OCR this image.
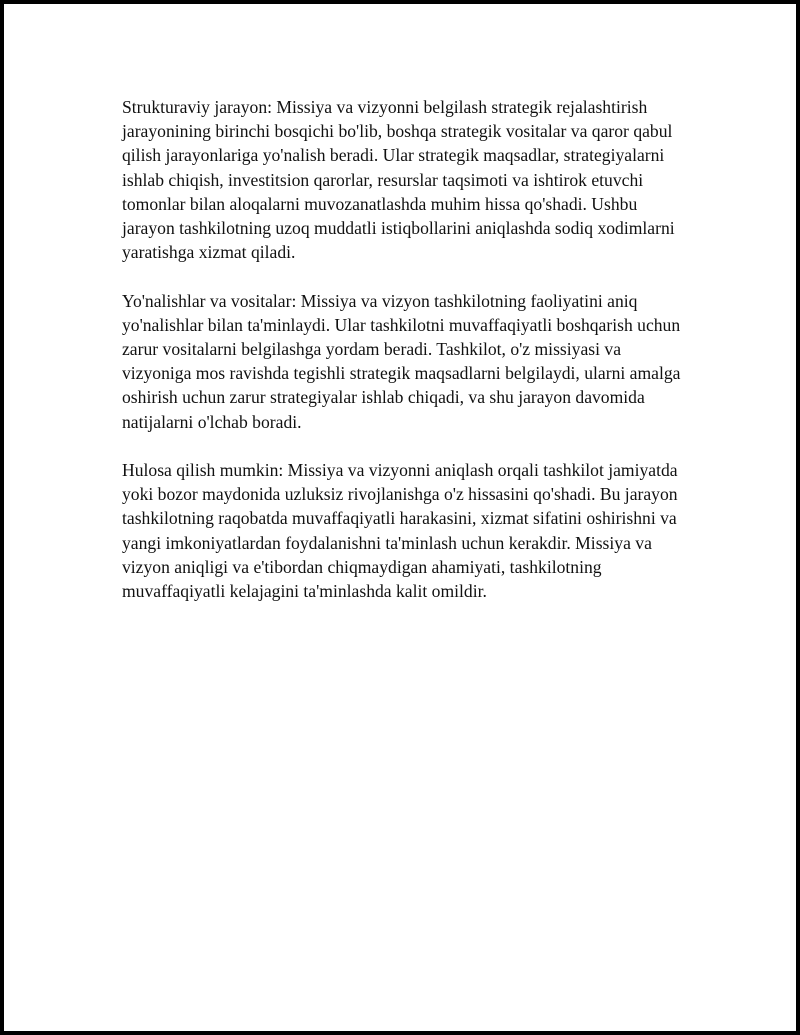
Strukturaviy jarayon: Missiya va vizyonni belgilash strategik rejalashtirish jarayonining birinchi bosqichi bo'lib, boshqa strategik vositalar va qaror qabul qilish jarayonlariga yo'nalish beradi. Ular strategik maqsadlar, strategiyalarni ishlab chiqish, investitsion qarorlar, resurslar taqsimoti va ishtirok etuvchi tomonlar bilan aloqalarni muvozanatlashda muhim hissa qo'shadi. Ushbu jarayon tashkilotning uzoq muddatli istiqbollarini aniqlashda sodiq xodimlarni yaratishga xizmat qiladi.

Yo'nalishlar va vositalar: Missiya va vizyon tashkilotning faoliyatini aniq yo'nalishlar bilan ta'minlaydi. Ular tashkilotni muvaffaqiyatli boshqarish uchun zarur vositalarni belgilashga yordam beradi. Tashkilot, o'z missiyasi va vizyoniga mos ravishda tegishli strategik maqsadlarni belgilaydi, ularni amalga oshirish uchun zarur strategiyalar ishlab chiqadi, va shu jarayon davomida natijalarni o'lchab boradi.

Hulosa qilish mumkin: Missiya va vizyonni aniqlash orqali tashkilot jamiyatda yoki bozor maydonida uzluksiz rivojlanishga o'z hissasini qo'shadi. Bu jarayon tashkilotning raqobatda muvaffaqiyatli harakasini, xizmat sifatini oshirishni va yangi imkoniyatlardan foydalanishni ta'minlash uchun kerakdir. Missiya va vizyon aniqligi va e'tibordan chiqmaydigan ahamiyati, tashkilotning muvaffaqiyatli kelajagini ta'minlashda kalit omildir.
